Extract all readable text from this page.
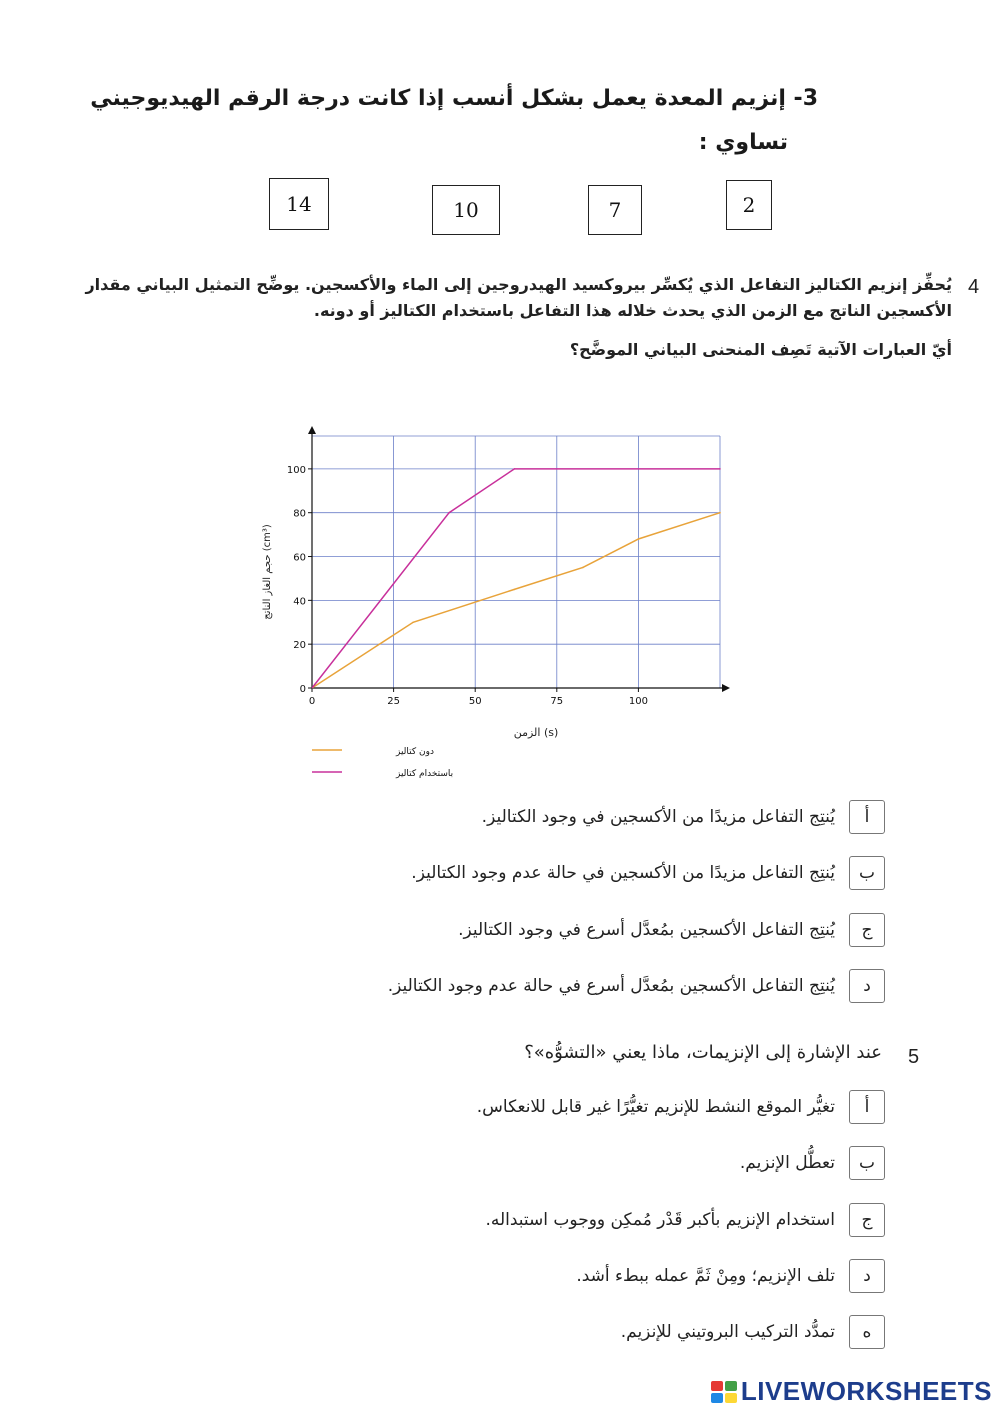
3- إنزيم المعدة يعمل بشكل أنسب إذا كانت درجة الرقم الهيديوجيني
تساوي :
14	10	7	2
4
يُحفِّز إنزيم الكتاليز التفاعل الذي يُكسِّر بيروكسيد الهيدروجين إلى الماء والأكسجين. يوضِّح التمثيل البياني مقدار الأكسجين الناتج مع الزمن الذي يحدث خلاله هذا التفاعل باستخدام الكتاليز أو دونه.
أيّ العبارات الآتية تَصِف المنحنى البياني الموضَّح؟
0	25	50	75	100
0
20
40
60
80
100
الزمن (s)
حجم الغاز الناتج (cm³)
دون كتاليز
باستخدام كتاليز
أ
يُنتِج التفاعل مزيدًا من الأكسجين في وجود الكتاليز.
ب
يُنتِج التفاعل مزيدًا من الأكسجين في حالة عدم وجود الكتاليز.
ج
يُنتِج التفاعل الأكسجين بمُعدَّل أسرع في وجود الكتاليز.
د
يُنتِج التفاعل الأكسجين بمُعدَّل أسرع في حالة عدم وجود الكتاليز.
5
عند الإشارة إلى الإنزيمات، ماذا يعني «التشوُّه»؟
أ
تغيُّر الموقع النشط للإنزيم تغيُّرًا غير قابل للانعكاس.
ب
تعطُّل الإنزيم.
ج
استخدام الإنزيم بأكبر قَدْر مُمكِن ووجوب استبداله.
د
تلف الإنزيم؛ ومِنْ ثَمَّ عمله ببطء أشد.
ه
تمدُّد التركيب البروتيني للإنزيم.
LIVEWORKSHEETS
